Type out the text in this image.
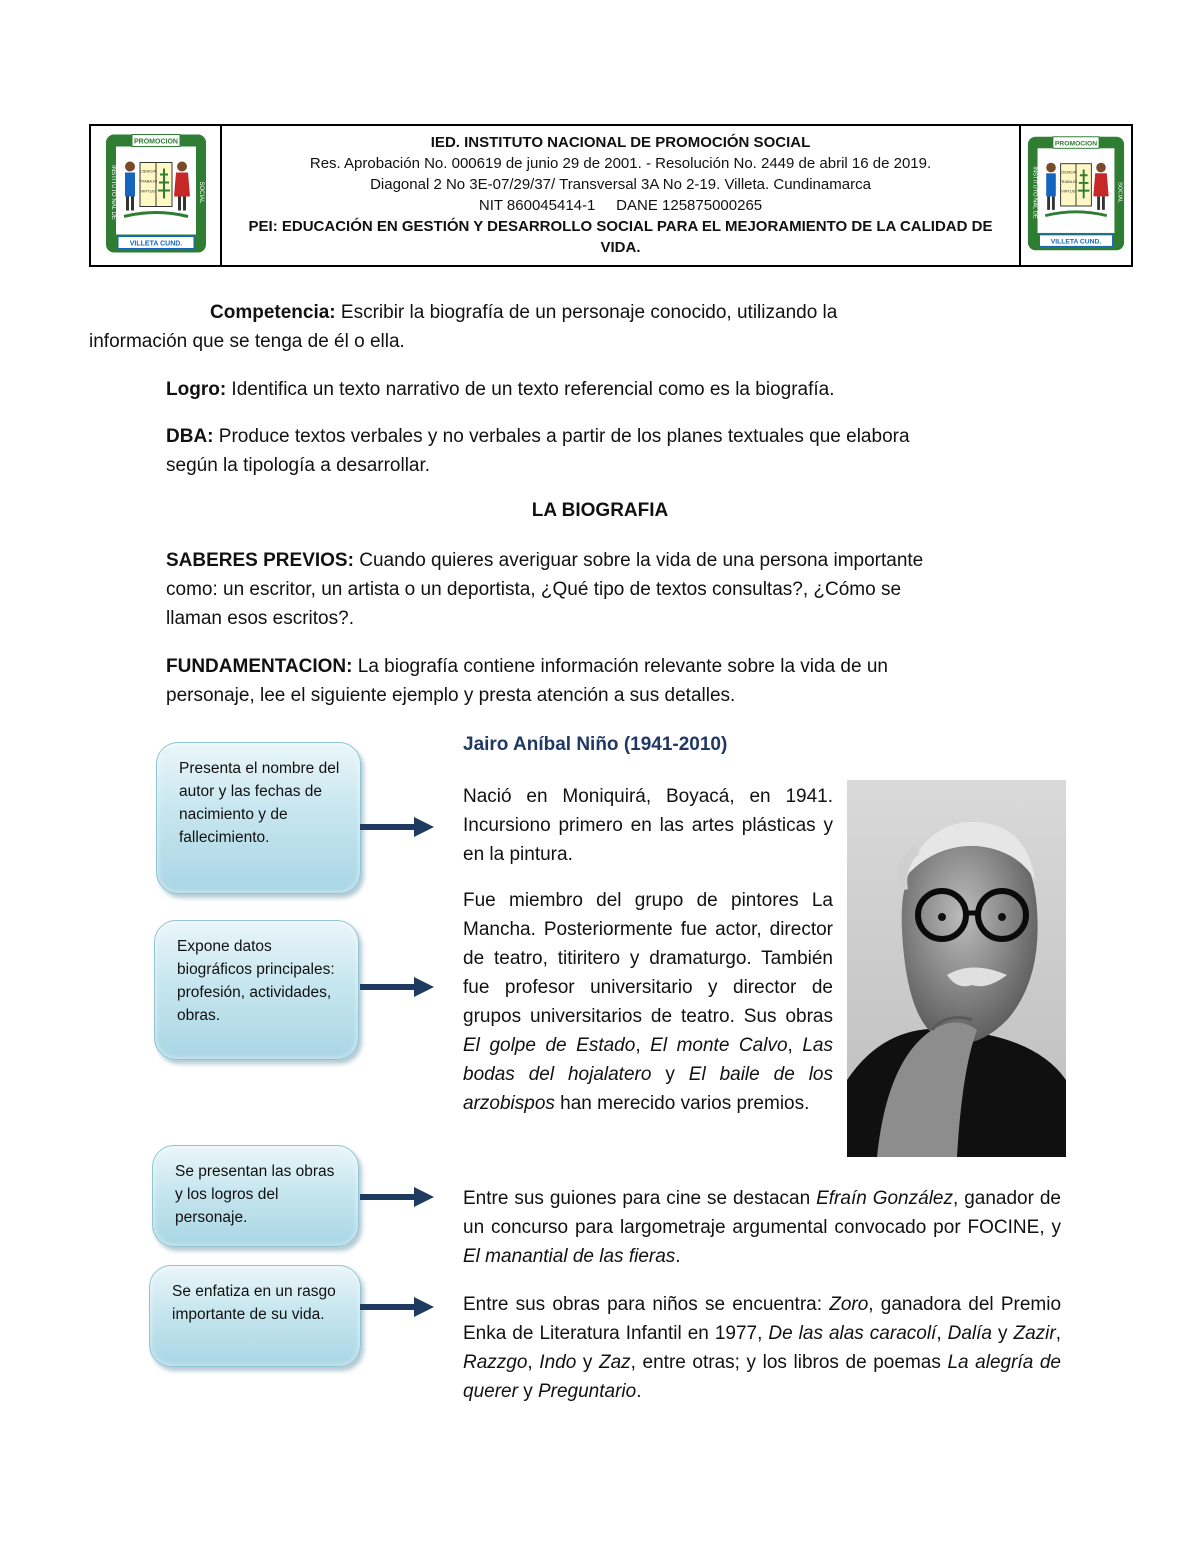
PROMOCION
VILLETA CUND.
INSTITUTO NAL DE	SOCIAL
CIENCIA
TRABAJO
VIRTUD
IED. INSTITUTO NACIONAL DE PROMOCIÓN SOCIAL
Res. Aprobación No. 000619 de junio 29 de 2001. - Resolución No. 2449 de abril 16 de 2019.
Diagonal 2 No 3E-07/29/37/ Transversal 3A No 2-19. Villeta. Cundinamarca
NIT 860045414-1     DANE 125875000265
PEI: EDUCACIÓN EN GESTIÓN Y DESARROLLO SOCIAL PARA EL MEJORAMIENTO DE LA CALIDAD DE VIDA.
PROMOCION
VILLETA CUND.
INSTITUTO NAL DE	SOCIAL
CIENCIA
TRABAJO
VIRTUD

Competencia: Escribir la biografía de un personaje conocido, utilizando la

información que se tenga de él o ella.

Logro: Identifica un texto narrativo de un texto referencial como es la biografía.

DBA: Produce textos verbales y no verbales a partir de los planes textuales que elabora

según la tipología a desarrollar.

LA BIOGRAFIA

SABERES PREVIOS: Cuando quieres averiguar sobre la vida de una persona importante

como: un escritor, un artista o un deportista, ¿Qué tipo de textos consultas?, ¿Cómo se

llaman esos escritos?.

FUNDAMENTACION: La biografía contiene información relevante sobre la vida de un

personaje, lee el siguiente ejemplo y presta atención a sus detalles.

Presenta el nombre del autor y las fechas de nacimiento y de fallecimiento.
Expone datos biográficos principales: profesión, actividades, obras.
Se presentan las obras y los logros del personaje.
Se enfatiza en un rasgo importante de su vida.
Jairo Aníbal Niño (1941-2010)

Nació en Moniquirá, Boyacá, en 1941. Incursiono primero en las artes plásticas y en la pintura.

Fue miembro del grupo de pintores La Mancha. Posteriormente fue actor, director de teatro, titiritero y dramaturgo. También fue profesor universitario y director de grupos universitarios de teatro. Sus obras El golpe de Estado, El monte Calvo, Las bodas del hojalatero y El baile de los arzobispos han merecido varios premios.

Entre sus guiones para cine se destacan Efraín González, ganador de un concurso para largometraje argumental convocado por FOCINE, y El manantial de las fieras.

Entre sus obras para niños se encuentra: Zoro, ganadora del Premio Enka de Literatura Infantil en 1977, De las alas caracolí, Dalía y Zazir, Razzgo, Indo y Zaz, entre otras; y los libros de poemas La alegría de querer y Preguntario.
